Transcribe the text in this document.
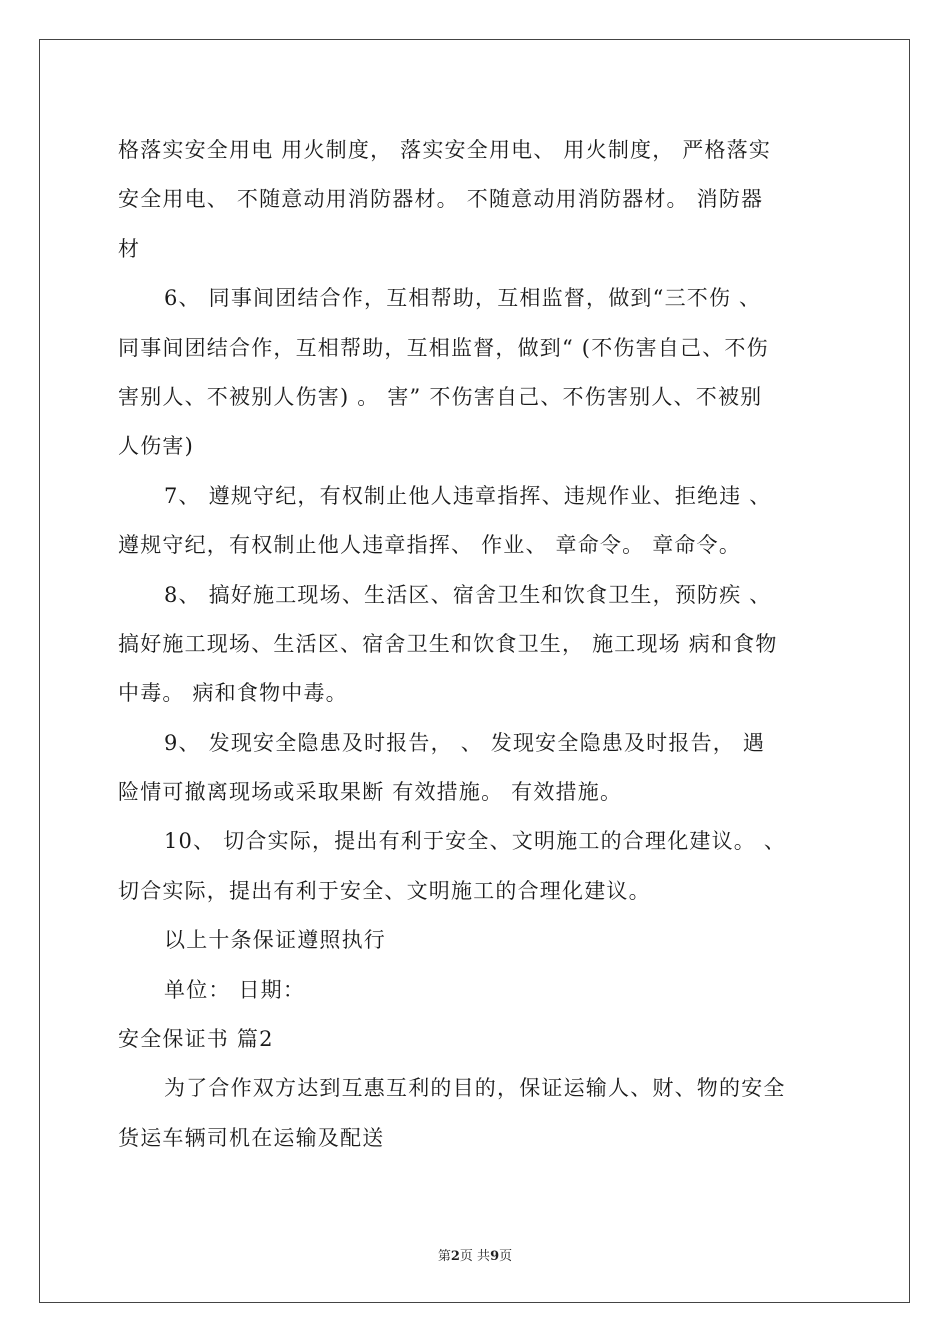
格落实安全用电 用火制度， 落实安全用电、 用火制度， 严格落实
安全用电、 不随意动用消防器材。 不随意动用消防器材。 消防器
材
6、 同事间团结合作，互相帮助，互相监督，做到“三不伤 、
同事间团结合作，互相帮助，互相监督，做到“ (不伤害自己、不伤
害别人、不被别人伤害) 。 害” 不伤害自己、不伤害别人、不被别
人伤害)
7、 遵规守纪，有权制止他人违章指挥、违规作业、拒绝违 、
遵规守纪，有权制止他人违章指挥、 作业、 章命令。 章命令。
8、 搞好施工现场、生活区、宿舍卫生和饮食卫生，预防疾 、
搞好施工现场、生活区、宿舍卫生和饮食卫生， 施工现场 病和食物
中毒。 病和食物中毒。
9、 发现安全隐患及时报告， 、 发现安全隐患及时报告， 遇
险情可撤离现场或采取果断 有效措施。 有效措施。
10、 切合实际，提出有利于安全、文明施工的合理化建议。 、
切合实际，提出有利于安全、文明施工的合理化建议。
以上十条保证遵照执行
单位： 日期：
安全保证书 篇2
为了合作双方达到互惠互利的目的，保证运输人、财、物的安全
货运车辆司机在运输及配送
第2页 共9页
